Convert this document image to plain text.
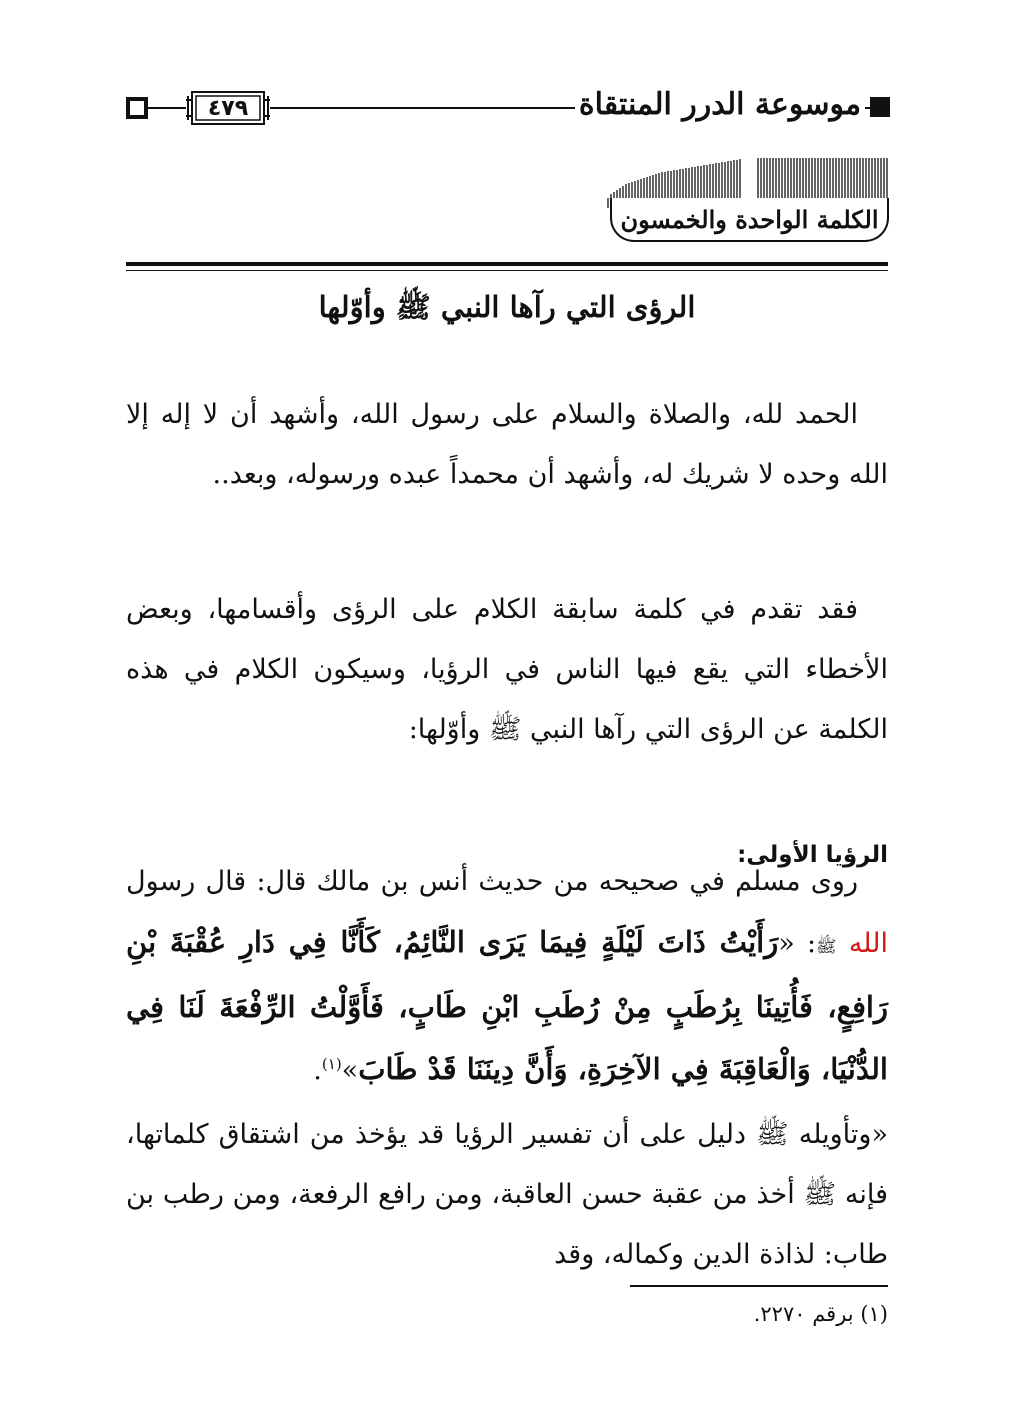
موسوعة الدرر المنتقاة
٤٧٩
الكلمة الواحدة والخمسون
الرؤى التي رآها النبي ﷺ وأوّلها
الحمد لله، والصلاة والسلام على رسول الله، وأشهد أن لا إله إلا الله وحده لا شريك له، وأشهد أن محمداً عبده ورسوله، وبعد..
فقد تقدم في كلمة سابقة الكلام على الرؤى وأقسامها، وبعض الأخطاء التي يقع فيها الناس في الرؤيا، وسيكون الكلام في هذه الكلمة عن الرؤى التي رآها النبي ﷺ وأوّلها:
الرؤيا الأولى:
روى مسلم في صحيحه من حديث أنس بن مالك قال: قال رسول الله ﷺ: «رَأَيْتُ ذَاتَ لَيْلَةٍ فِيمَا يَرَى النَّائِمُ، كَأَنَّا فِي دَارِ عُقْبَةَ بْنِ رَافِعٍ، فَأُتِينَا بِرُطَبٍ مِنْ رُطَبِ ابْنِ طَابٍ، فَأَوَّلْتُ الرِّفْعَةَ لَنَا فِي الدُّنْيَا، وَالْعَاقِبَةَ فِي الآخِرَةِ، وَأَنَّ دِينَنَا قَدْ طَابَ»$^{(١)}$.
«وتأويله ﷺ دليل على أن تفسير الرؤيا قد يؤخذ من اشتقاق كلماتها، فإنه ﷺ أخذ من عقبة حسن العاقبة، ومن رافع الرفعة، ومن رطب بن طاب: لذاذة الدين وكماله، وقد
(١) برقم ٢٢٧٠.
